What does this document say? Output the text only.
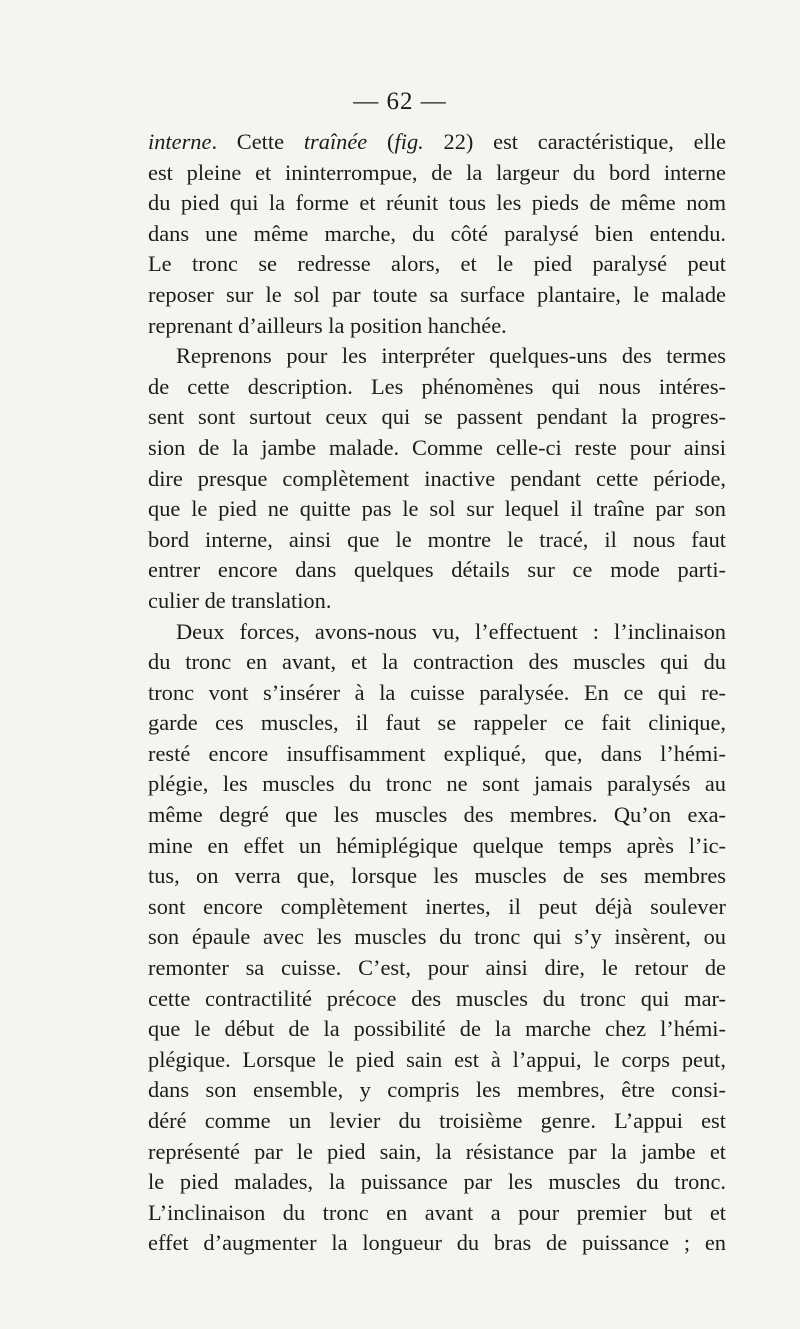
— 62 —
interne. Cette traînée (fig. 22) est caractéristique, elle
est pleine et ininterrompue, de la largeur du bord interne
du pied qui la forme et réunit tous les pieds de même nom
dans une même marche, du côté paralysé bien entendu.
Le tronc se redresse alors, et le pied paralysé peut
reposer sur le sol par toute sa surface plantaire, le malade
reprenant d’ailleurs la position hanchée.
Reprenons pour les interpréter quelques-uns des termes
de cette description. Les phénomènes qui nous intéres-
sent sont surtout ceux qui se passent pendant la progres-
sion de la jambe malade. Comme celle-ci reste pour ainsi
dire presque complètement inactive pendant cette période,
que le pied ne quitte pas le sol sur lequel il traîne par son
bord interne, ainsi que le montre le tracé, il nous faut
entrer encore dans quelques détails sur ce mode parti-
culier de translation.
Deux forces, avons-nous vu, l’effectuent : l’inclinaison
du tronc en avant, et la contraction des muscles qui du
tronc vont s’insérer à la cuisse paralysée. En ce qui re-
garde ces muscles, il faut se rappeler ce fait clinique,
resté encore insuffisamment expliqué, que, dans l’hémi-
plégie, les muscles du tronc ne sont jamais paralysés au
même degré que les muscles des membres. Qu’on exa-
mine en effet un hémiplégique quelque temps après l’ic-
tus, on verra que, lorsque les muscles de ses membres
sont encore complètement inertes, il peut déjà soulever
son épaule avec les muscles du tronc qui s’y insèrent, ou
remonter sa cuisse. C’est, pour ainsi dire, le retour de
cette contractilité précoce des muscles du tronc qui mar-
que le début de la possibilité de la marche chez l’hémi-
plégique. Lorsque le pied sain est à l’appui, le corps peut,
dans son ensemble, y compris les membres, être consi-
déré comme un levier du troisième genre. L’appui est
représenté par le pied sain, la résistance par la jambe et
le pied malades, la puissance par les muscles du tronc.
L’inclinaison du tronc en avant a pour premier but et
effet d’augmenter la longueur du bras de puissance ; en
